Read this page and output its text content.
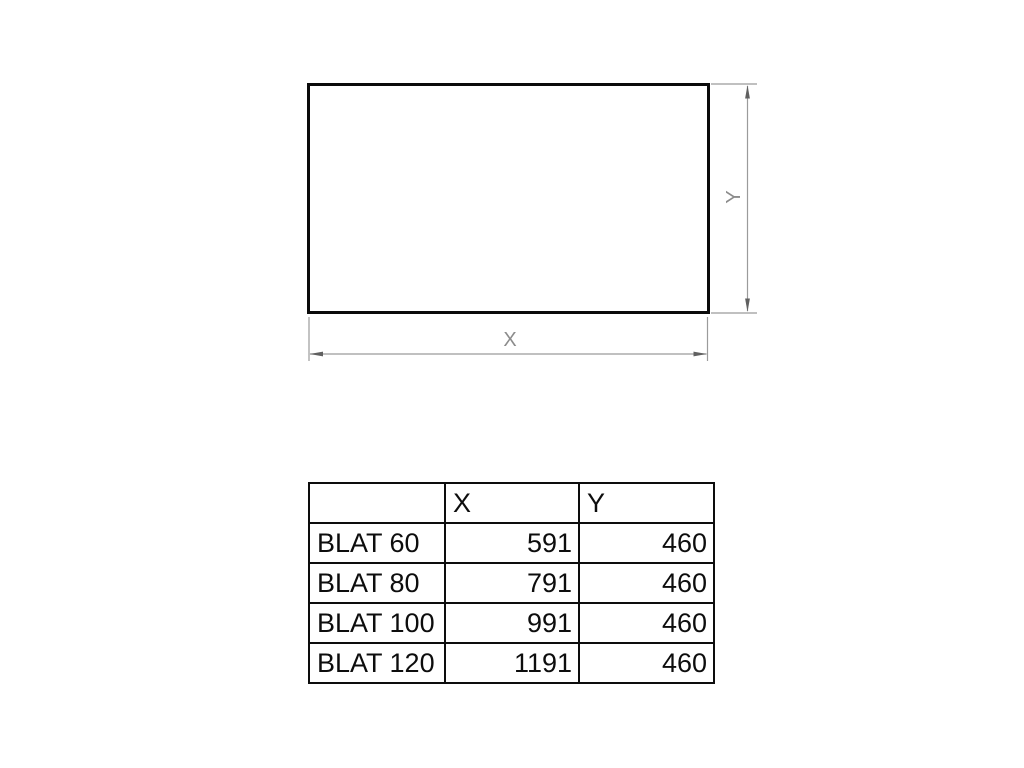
X
Y
	X	Y
BLAT 60	591	460
BLAT 80	791	460
BLAT 100	991	460
BLAT 120	1191	460
